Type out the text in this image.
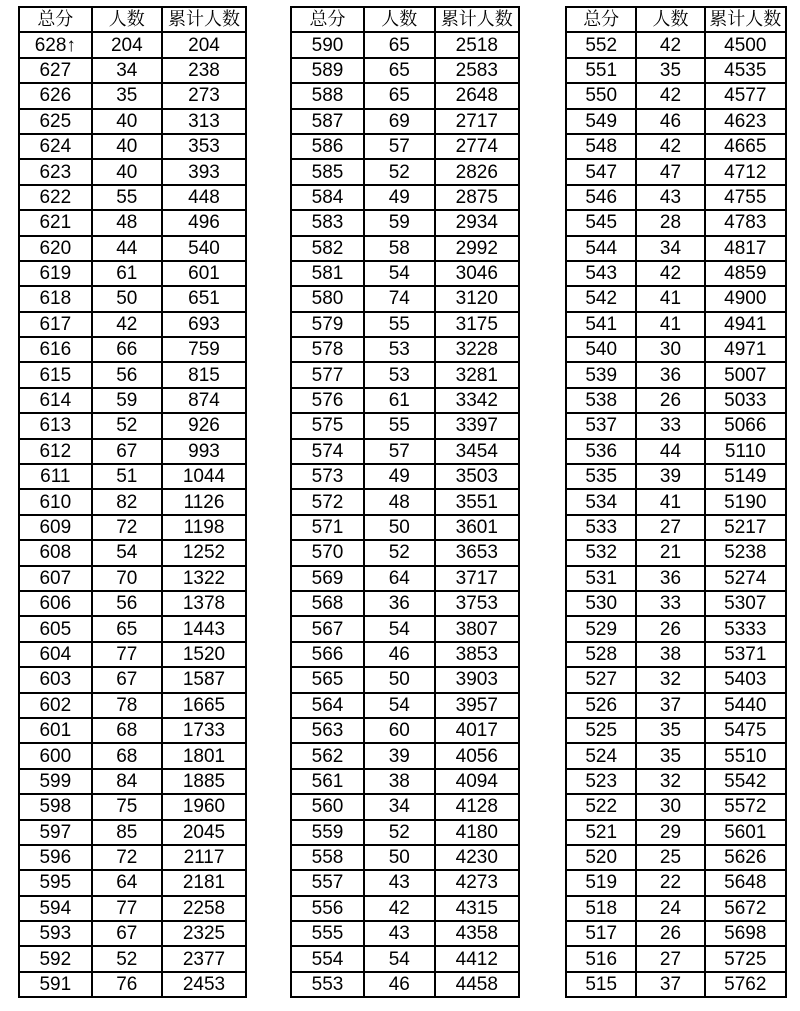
总分	人数	累计人数
628↑	204	204
627	34	238
626	35	273
625	40	313
624	40	353
623	40	393
622	55	448
621	48	496
620	44	540
619	61	601
618	50	651
617	42	693
616	66	759
615	56	815
614	59	874
613	52	926
612	67	993
611	51	1044
610	82	1126
609	72	1198
608	54	1252
607	70	1322
606	56	1378
605	65	1443
604	77	1520
603	67	1587
602	78	1665
601	68	1733
600	68	1801
599	84	1885
598	75	1960
597	85	2045
596	72	2117
595	64	2181
594	77	2258
593	67	2325
592	52	2377
591	76	2453
总分	人数	累计人数
590	65	2518
589	65	2583
588	65	2648
587	69	2717
586	57	2774
585	52	2826
584	49	2875
583	59	2934
582	58	2992
581	54	3046
580	74	3120
579	55	3175
578	53	3228
577	53	3281
576	61	3342
575	55	3397
574	57	3454
573	49	3503
572	48	3551
571	50	3601
570	52	3653
569	64	3717
568	36	3753
567	54	3807
566	46	3853
565	50	3903
564	54	3957
563	60	4017
562	39	4056
561	38	4094
560	34	4128
559	52	4180
558	50	4230
557	43	4273
556	42	4315
555	43	4358
554	54	4412
553	46	4458
总分	人数	累计人数
552	42	4500
551	35	4535
550	42	4577
549	46	4623
548	42	4665
547	47	4712
546	43	4755
545	28	4783
544	34	4817
543	42	4859
542	41	4900
541	41	4941
540	30	4971
539	36	5007
538	26	5033
537	33	5066
536	44	5110
535	39	5149
534	41	5190
533	27	5217
532	21	5238
531	36	5274
530	33	5307
529	26	5333
528	38	5371
527	32	5403
526	37	5440
525	35	5475
524	35	5510
523	32	5542
522	30	5572
521	29	5601
520	25	5626
519	22	5648
518	24	5672
517	26	5698
516	27	5725
515	37	5762
